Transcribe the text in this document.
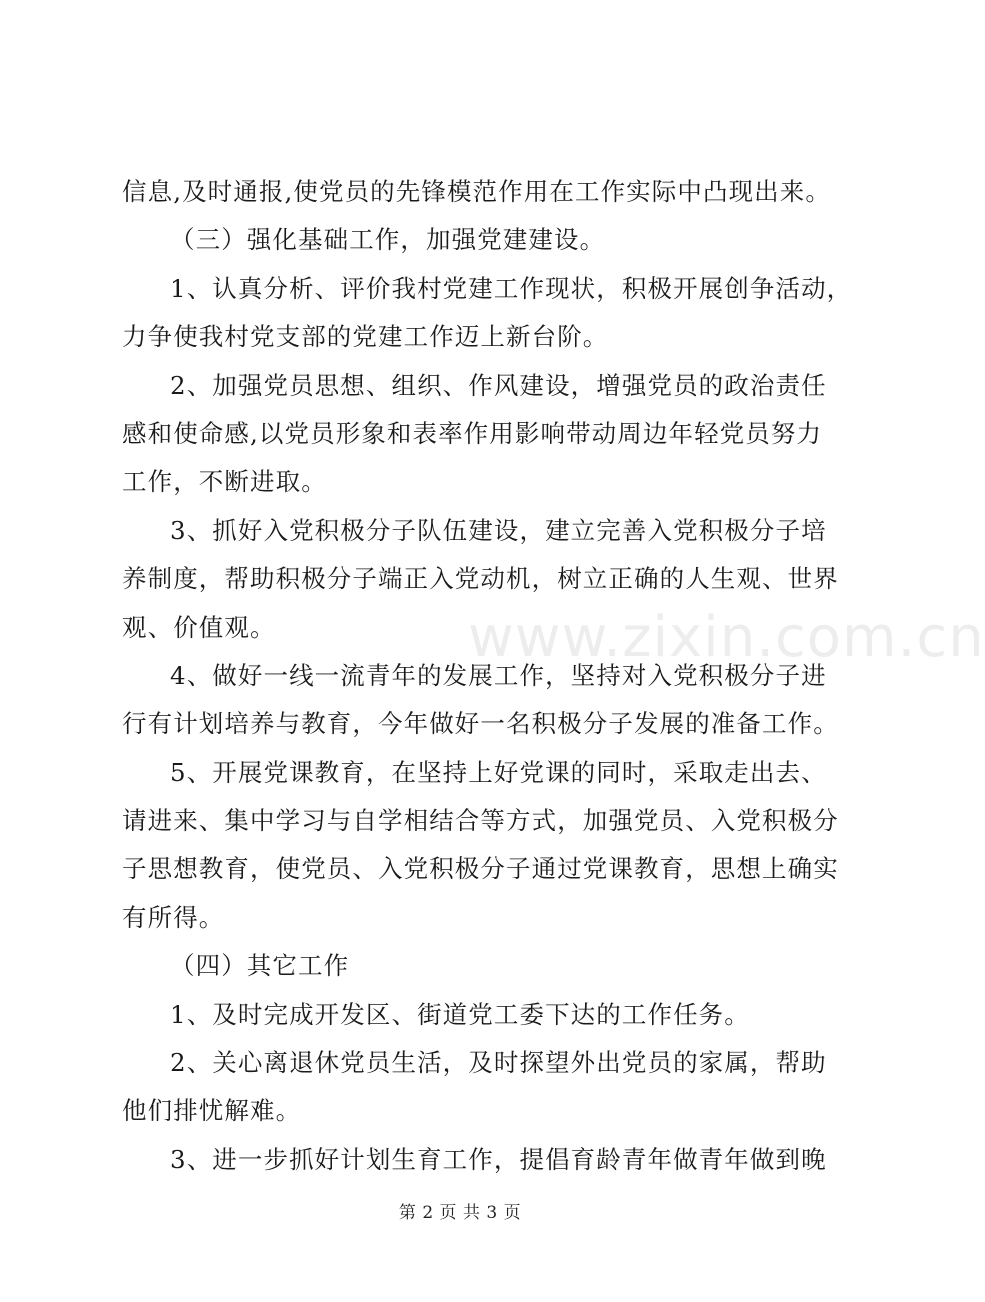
信息,及时通报,使党员的先锋模范作用在工作实际中凸现出来。
（三）强化基础工作，加强党建建设。
1、认真分析、评价我村党建工作现状，积极开展创争活动，
力争使我村党支部的党建工作迈上新台阶。
2、加强党员思想、组织、作风建设，增强党员的政治责任
感和使命感,以党员形象和表率作用影响带动周边年轻党员努力
工作，不断进取。
3、抓好入党积极分子队伍建设，建立完善入党积极分子培
养制度，帮助积极分子端正入党动机，树立正确的人生观、世界
观、价值观。
4、做好一线一流青年的发展工作，坚持对入党积极分子进
行有计划培养与教育，今年做好一名积极分子发展的准备工作。
5、开展党课教育，在坚持上好党课的同时，采取走出去、
请进来、集中学习与自学相结合等方式，加强党员、入党积极分
子思想教育，使党员、入党积极分子通过党课教育，思想上确实
有所得。
（四）其它工作
1、及时完成开发区、街道党工委下达的工作任务。
2、关心离退休党员生活，及时探望外出党员的家属，帮助
他们排忧解难。
3、进一步抓好计划生育工作，提倡育龄青年做青年做到晚
www.zixin.com.cn
第 2 页 共 3 页
